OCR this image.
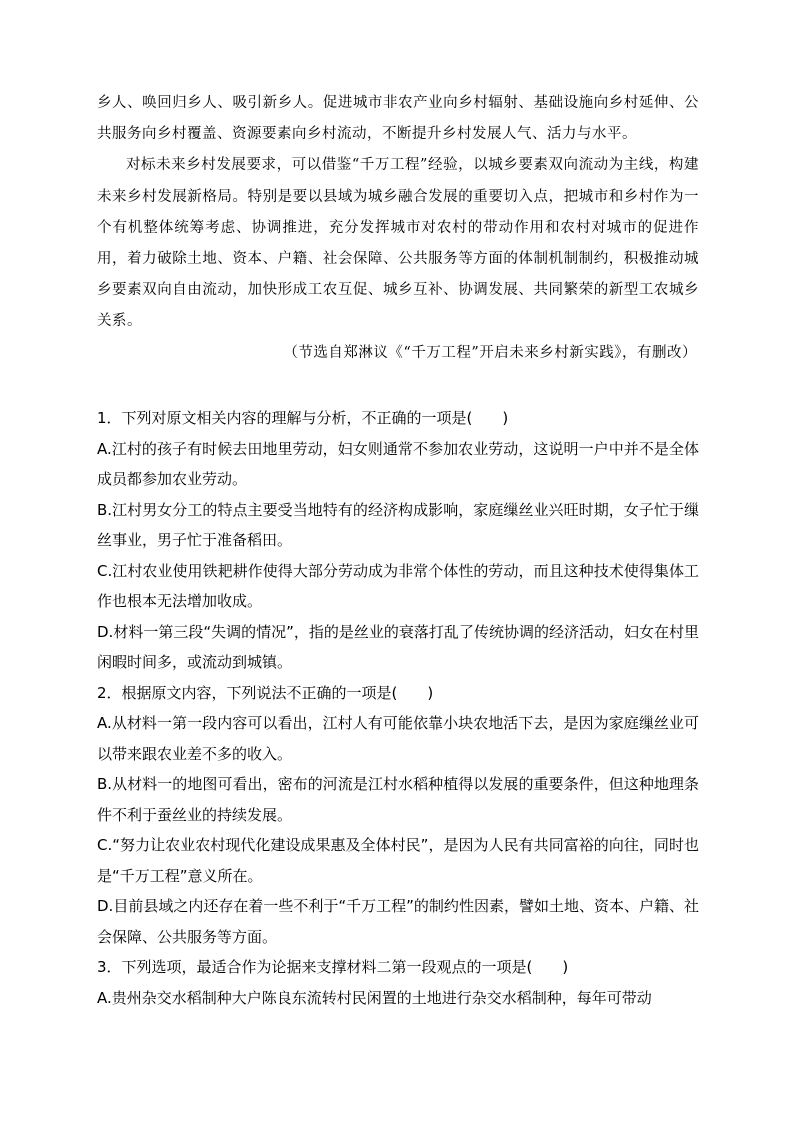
乡人、唤回归乡人、吸引新乡人。促进城市非农产业向乡村辐射、基础设施向乡村延伸、公共服务向乡村覆盖、资源要素向乡村流动，不断提升乡村发展人气、活力与水平。

对标未来乡村发展要求，可以借鉴“千万工程”经验，以城乡要素双向流动为主线，构建未来乡村发展新格局。特别是要以县域为城乡融合发展的重要切入点，把城市和乡村作为一个有机整体统筹考虑、协调推进，充分发挥城市对农村的带动作用和农村对城市的促进作用，着力破除土地、资本、户籍、社会保障、公共服务等方面的体制机制制约，积极推动城乡要素双向自由流动，加快形成工农互促、城乡互补、协调发展、共同繁荣的新型工农城乡关系。

（节选自郑淋议《“千万工程”开启未来乡村新实践》，有删改）

1．下列对原文相关内容的理解与分析，不正确的一项是(　　)

A.江村的孩子有时候去田地里劳动，妇女则通常不参加农业劳动，这说明一户中并不是全体成员都参加农业劳动。

B.江村男女分工的特点主要受当地特有的经济构成影响，家庭缫丝业兴旺时期，女子忙于缫丝事业，男子忙于准备稻田。

C.江村农业使用铁耙耕作使得大部分劳动成为非常个体性的劳动，而且这种技术使得集体工作也根本无法增加收成。

D.材料一第三段“失调的情况”，指的是丝业的衰落打乱了传统协调的经济活动，妇女在村里闲暇时间多，或流动到城镇。

2．根据原文内容，下列说法不正确的一项是(　　)

A.从材料一第一段内容可以看出，江村人有可能依靠小块农地活下去，是因为家庭缫丝业可以带来跟农业差不多的收入。

B.从材料一的地图可看出，密布的河流是江村水稻种植得以发展的重要条件，但这种地理条件不利于蚕丝业的持续发展。

C.“努力让农业农村现代化建设成果惠及全体村民”，是因为人民有共同富裕的向往，同时也是“千万工程”意义所在。

D.目前县域之内还存在着一些不利于“千万工程”的制约性因素，譬如土地、资本、户籍、社会保障、公共服务等方面。

3．下列选项，最适合作为论据来支撑材料二第一段观点的一项是(　　)

A.贵州杂交水稻制种大户陈良东流转村民闲置的土地进行杂交水稻制种，每年可带动
